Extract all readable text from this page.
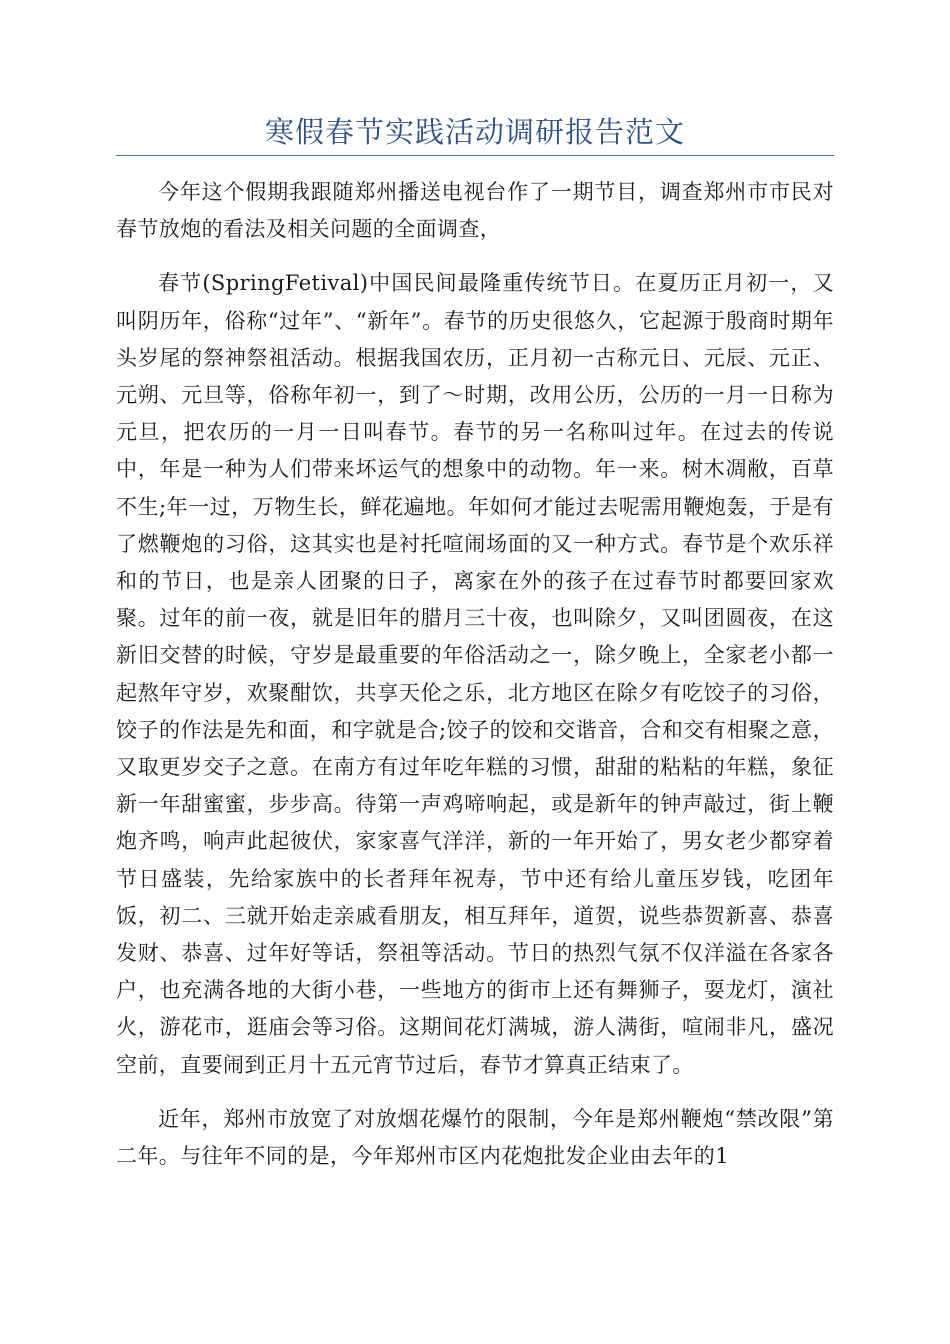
寒假春节实践活动调研报告范文

今年这个假期我跟随郑州播送电视台作了一期节目，调查郑州市市民对春节放炮的看法及相关问题的全面调查，

春节(SpringFetival)中国民间最隆重传统节日。在夏历正月初一，又叫阴历年，俗称“过年”、“新年”。春节的历史很悠久，它起源于殷商时期年头岁尾的祭神祭祖活动。根据我国农历，正月初一古称元日、元辰、元正、元朔、元旦等，俗称年初一，到了～时期，改用公历，公历的一月一日称为元旦，把农历的一月一日叫春节。春节的另一名称叫过年。在过去的传说中，年是一种为人们带来坏运气的想象中的动物。年一来。树木凋敝，百草不生;年一过，万物生长，鲜花遍地。年如何才能过去呢需用鞭炮轰，于是有了燃鞭炮的习俗，这其实也是衬托喧闹场面的又一种方式。春节是个欢乐祥和的节日，也是亲人团聚的日子，离家在外的孩子在过春节时都要回家欢聚。过年的前一夜，就是旧年的腊月三十夜，也叫除夕，又叫团圆夜，在这新旧交替的时候，守岁是最重要的年俗活动之一，除夕晚上，全家老小都一起熬年守岁，欢聚酣饮，共享天伦之乐，北方地区在除夕有吃饺子的习俗，饺子的作法是先和面，和字就是合;饺子的饺和交谐音，合和交有相聚之意，又取更岁交子之意。在南方有过年吃年糕的习惯，甜甜的粘粘的年糕，象征新一年甜蜜蜜，步步高。待第一声鸡啼响起，或是新年的钟声敲过，街上鞭炮齐鸣，响声此起彼伏，家家喜气洋洋，新的一年开始了，男女老少都穿着节日盛装，先给家族中的长者拜年祝寿，节中还有给儿童压岁钱，吃团年饭，初二、三就开始走亲戚看朋友，相互拜年，道贺，说些恭贺新喜、恭喜发财、恭喜、过年好等话，祭祖等活动。节日的热烈气氛不仅洋溢在各家各户，也充满各地的大街小巷，一些地方的街市上还有舞狮子，耍龙灯，演社火，游花市，逛庙会等习俗。这期间花灯满城，游人满街，喧闹非凡，盛况空前，直要闹到正月十五元宵节过后，春节才算真正结束了。

近年，郑州市放宽了对放烟花爆竹的限制，今年是郑州鞭炮“禁改限”第二年。与往年不同的是，今年郑州市区内花炮批发企业由去年的1
